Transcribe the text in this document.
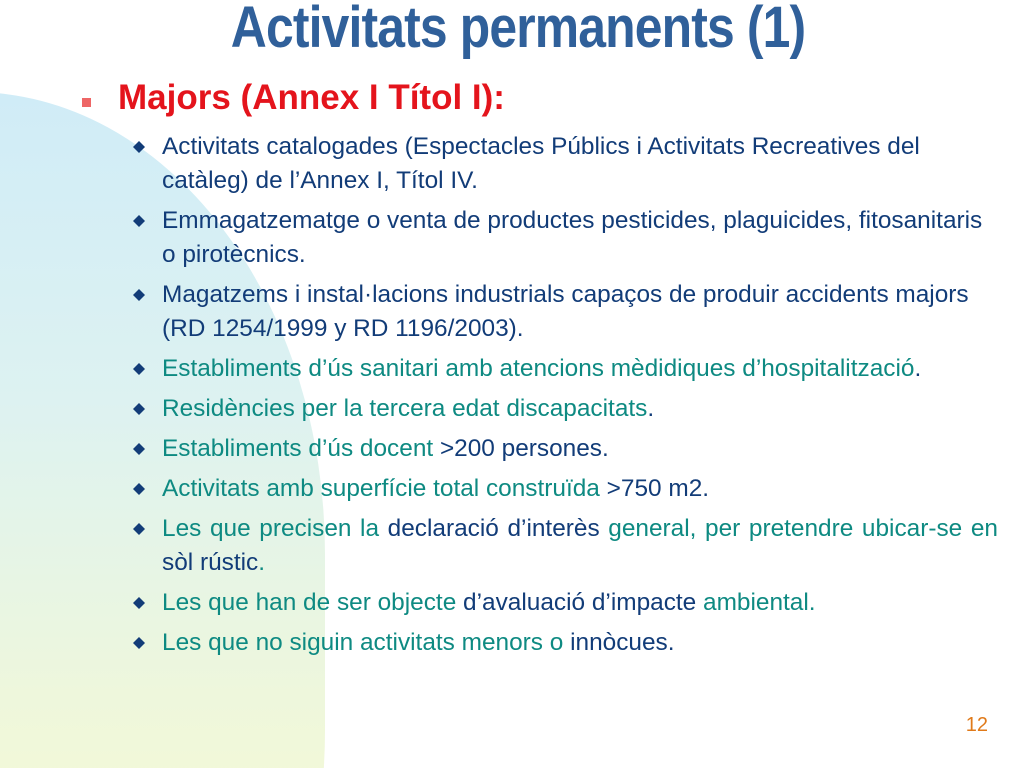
Activitats permanents (1)
Majors (Annex I Títol I):
Activitats catalogades (Espectacles Públics i Activitats Recreatives del catàleg) de l’Annex I, Títol IV.
Emmagatzematge o venta de productes pesticides, plaguicides, fitosanitaris o pirotècnics.
Magatzems i instal·lacions industrials capaços de produir accidents majors (RD 1254/1999 y RD 1196/2003).
Establiments d’ús sanitari amb atencions mèdidiques d’hospitalització.
Residències per la tercera edat discapacitats.
Establiments d’ús docent >200 persones.
Activitats amb superfície total construïda >750 m2.
Les que precisen la declaració d’interès general, per pretendre ubicar-se en sòl rústic.
Les que han de ser objecte d’avaluació d’impacte ambiental.
Les que no siguin activitats menors o innòcues.
12
